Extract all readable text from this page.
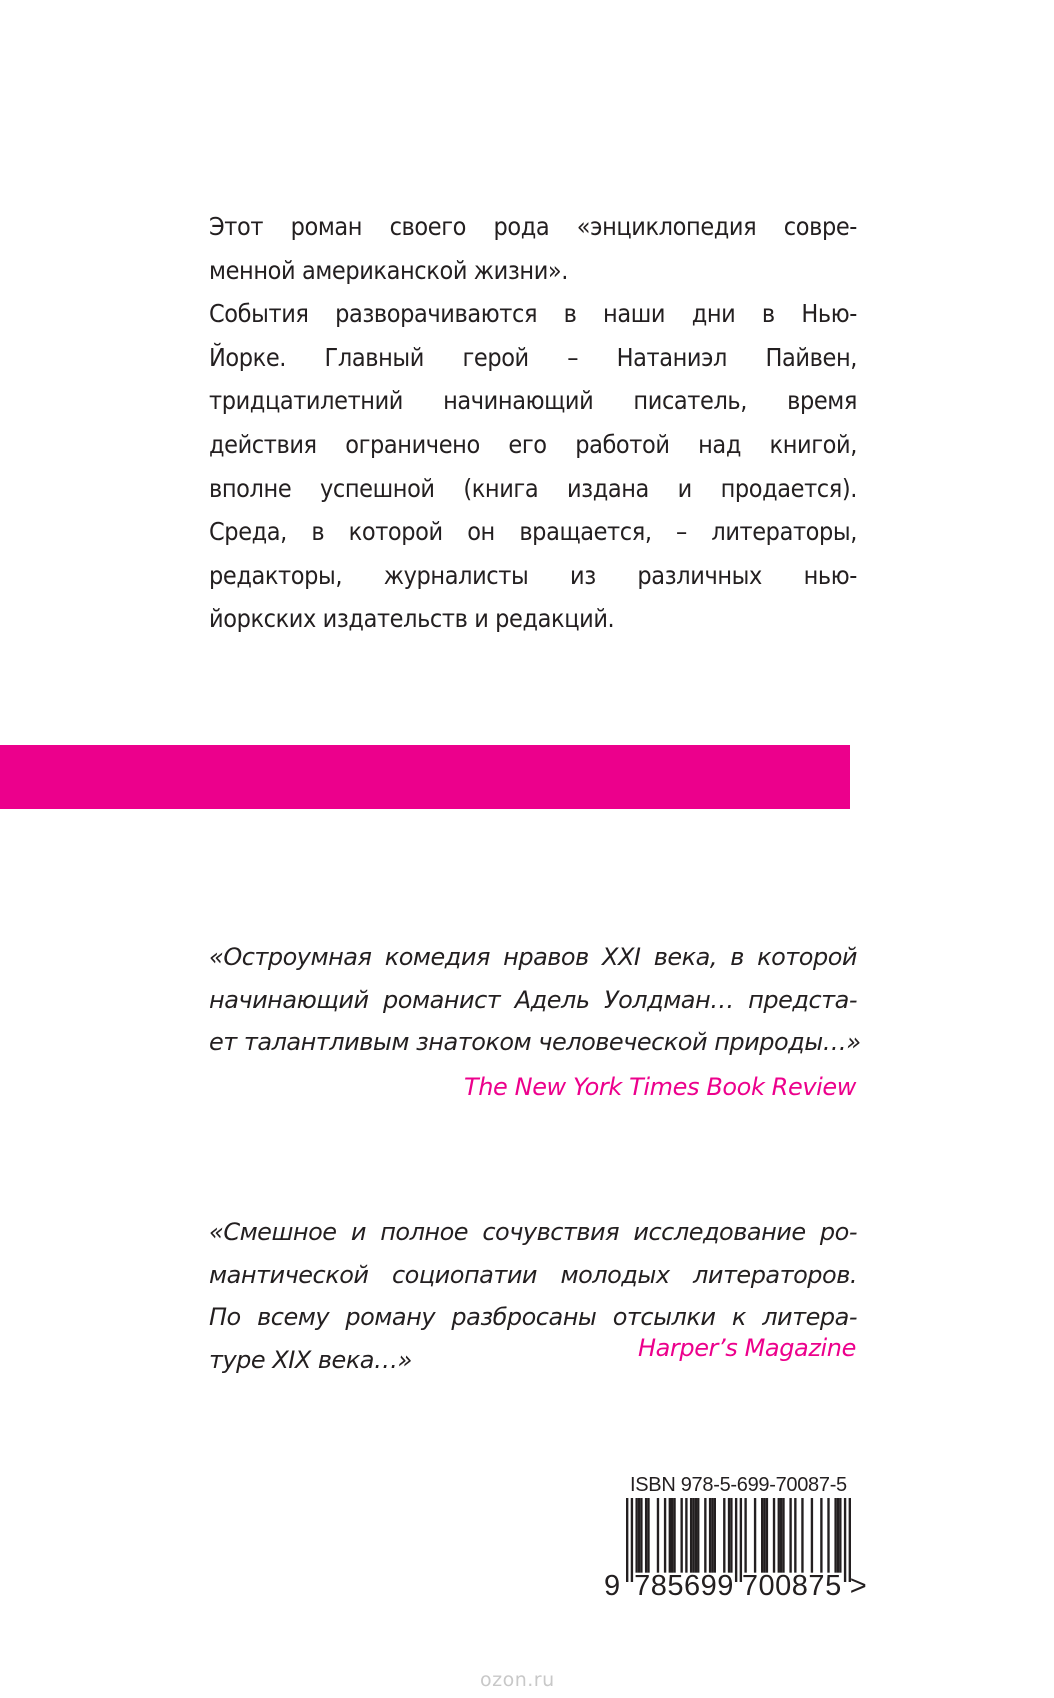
Этот роман своего рода «энциклопедия совре-
менной американской жизни».
События разворачиваются в наши дни в Нью-
Йорке. Главный герой – Натаниэл Пайвен,
тридцатилетний начинающий писатель, время
действия ограничено его работой над книгой,
вполне успешной (книга издана и продается).
Среда, в которой он вращается, – литераторы,
редакторы, журналисты из различных нью-
йоркских издательств и редакций.
«Остроумная комедия нравов XXI века, в которой
начинающий романист Адель Уолдман… предста-
ет талантливым знатоком человеческой природы…»
The New York Times Book Review
«Смешное и полное сочувствия исследование ро-
мантической социопатии молодых литераторов.
По всему роману разбросаны отсылки к литера-
туре XIX века…»	Harper’s Magazine
ISBN 978-5-699-70087-5
9 785699 700875 >
ozon.ru
